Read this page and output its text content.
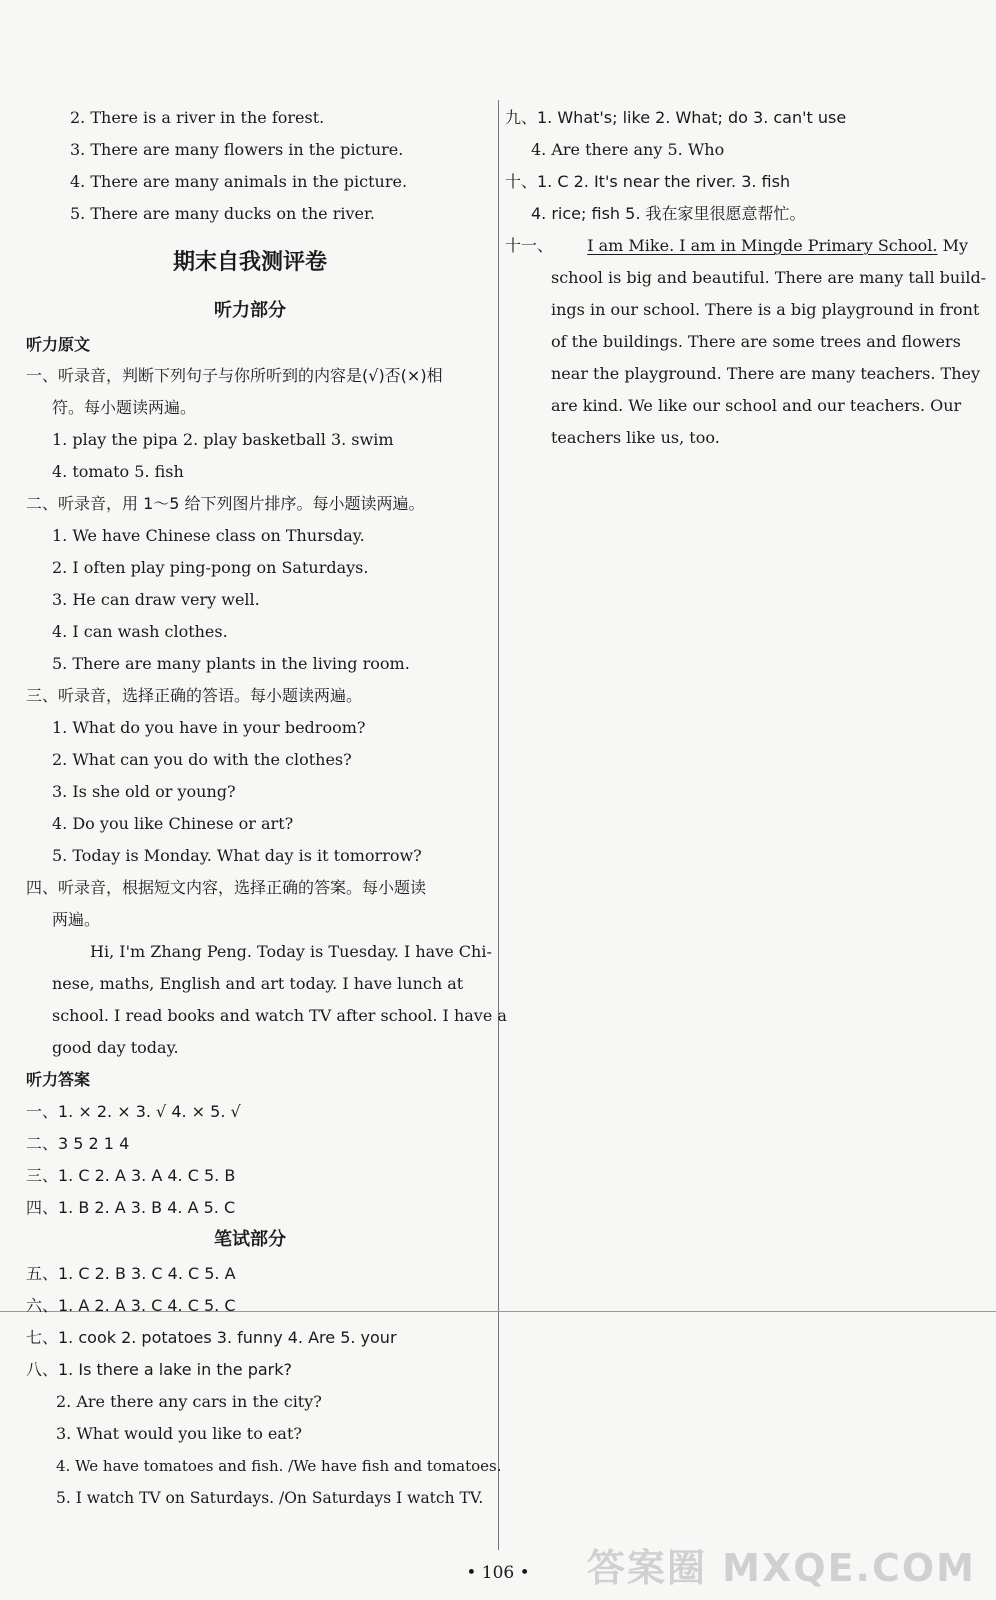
2. There is a river in the forest.
3. There are many flowers in the picture.
4. There are many animals in the picture.
5. There are many ducks on the river.
期末自我测评卷
听力部分
听力原文
一、听录音，判断下列句子与你所听到的内容是(√)否(×)相
符。每小题读两遍。
1. play the pipa 2. play basketball 3. swim
4. tomato 5. fish
二、听录音，用 1～5 给下列图片排序。每小题读两遍。
1. We have Chinese class on Thursday.
2. I often play ping-pong on Saturdays.
3. He can draw very well.
4. I can wash clothes.
5. There are many plants in the living room.
三、听录音，选择正确的答语。每小题读两遍。
1. What do you have in your bedroom?
2. What can you do with the clothes?
3. Is she old or young?
4. Do you like Chinese or art?
5. Today is Monday. What day is it tomorrow?
四、听录音，根据短文内容，选择正确的答案。每小题读
两遍。
Hi, I'm Zhang Peng. Today is Tuesday. I have Chi-
nese, maths, English and art today. I have lunch at
school. I read books and watch TV after school. I have a
good day today.
听力答案
一、1. × 2. × 3. √ 4. × 5. √
二、3 5 2 1 4
三、1. C 2. A 3. A 4. C 5. B
四、1. B 2. A 3. B 4. A 5. C
笔试部分
五、1. C 2. B 3. C 4. C 5. A
六、1. A 2. A 3. C 4. C 5. C
七、1. cook 2. potatoes 3. funny 4. Are 5. your
八、1. Is there a lake in the park?
2. Are there any cars in the city?
3. What would you like to eat?
4. We have tomatoes and fish. /We have fish and tomatoes.
5. I watch TV on Saturdays. /On Saturdays I watch TV.
九、1. What's; like 2. What; do 3. can't use
4. Are there any 5. Who
十、1. C 2. It's near the river. 3. fish
4. rice; fish 5. 我在家里很愿意帮忙。
十一、 I am Mike. I am in Mingde Primary School. My
school is big and beautiful. There are many tall build-
ings in our school. There is a big playground in front
of the buildings. There are some trees and flowers
near the playground. There are many teachers. They
are kind. We like our school and our teachers. Our
teachers like us, too.
• 106 •	答案圈 MXQE.COM
